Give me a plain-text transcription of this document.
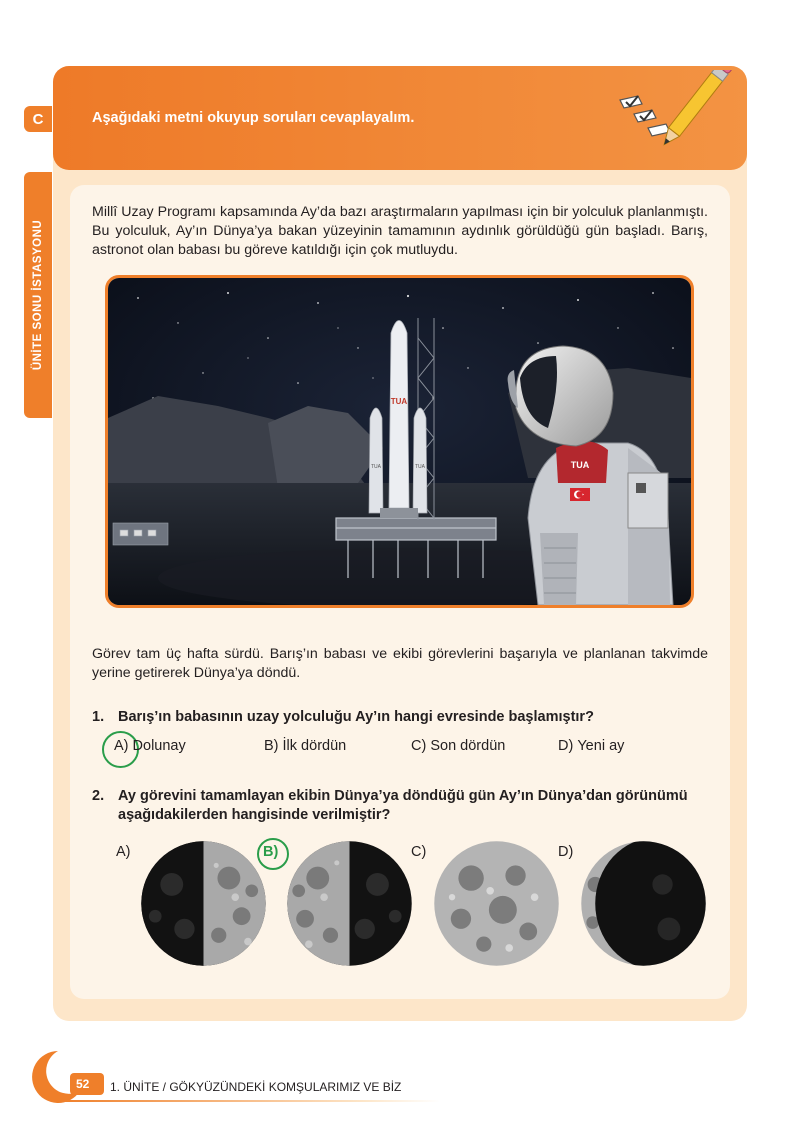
C
ÜNİTE SONU İSTASYONU
Aşağıdaki metni okuyup soruları cevaplayalım.
Millî Uzay Programı kapsamında Ay’da bazı araştırmaların yapılması için bir yolculuk planlanmıştı. Bu yolculuk, Ay’ın Dünya’ya bakan yüzeyinin tamamının aydınlık görüldüğü gün başladı. Barış, astronot olan babası bu göreve katıldığı için çok mutluydu.
TUA
TUA	TUA	TUA
Görev tam üç hafta sürdü. Barış’ın babası ve ekibi görevlerini başarıyla ve planlanan takvimde yerine getirerek Dünya’ya döndü.
1. Barış’ın babasının uzay yolculuğu Ay’ın hangi evresinde başlamıştır?
A) Dolunay	B) İlk dördün	C) Son dördün	D) Yeni ay
2. Ay görevini tamamlayan ekibin Dünya’ya döndüğü gün Ay’ın Dünya’dan görünümü aşağıdakilerden hangisinde verilmiştir?
A)	B)	C)	D)
52 1. ÜNİTE / GÖKYÜZÜNDEKİ KOMŞULARIMIZ VE BİZ
